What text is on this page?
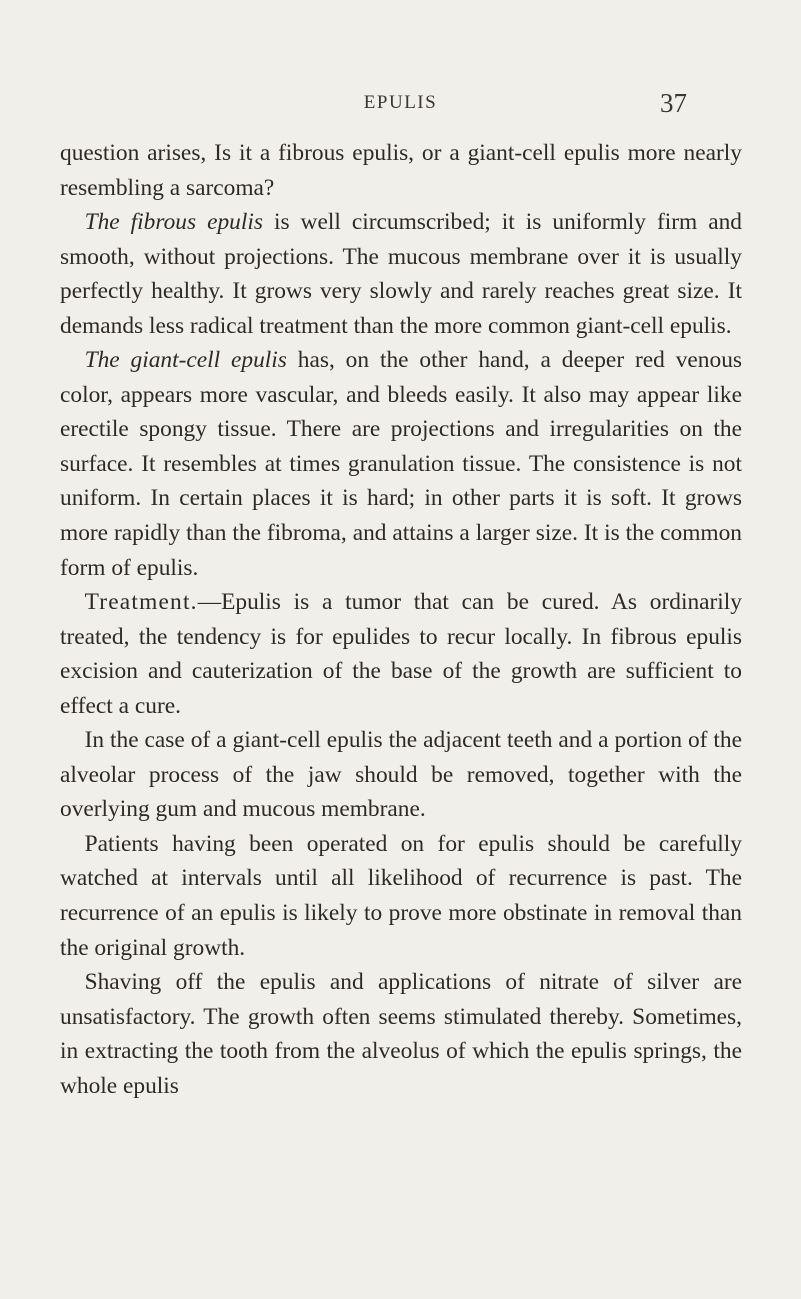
EPULIS	37

question arises, Is it a fibrous epulis, or a giant-cell epulis more nearly resembling a sarcoma?

The fibrous epulis is well circumscribed; it is uniformly firm and smooth, without projections. The mucous membrane over it is usually perfectly healthy. It grows very slowly and rarely reaches great size. It demands less radical treatment than the more common giant-cell epulis.

The giant-cell epulis has, on the other hand, a deeper red venous color, appears more vascular, and bleeds easily. It also may appear like erectile spongy tissue. There are projections and irregularities on the surface. It resembles at times granulation tissue. The consistence is not uniform. In certain places it is hard; in other parts it is soft. It grows more rapidly than the fibroma, and attains a larger size. It is the common form of epulis.

Treatment.—Epulis is a tumor that can be cured. As ordinarily treated, the tendency is for epulides to recur locally. In fibrous epulis excision and cauterization of the base of the growth are sufficient to effect a cure.

In the case of a giant-cell epulis the adjacent teeth and a portion of the alveolar process of the jaw should be removed, together with the overlying gum and mucous membrane.

Patients having been operated on for epulis should be carefully watched at intervals until all likelihood of recurrence is past. The recurrence of an epulis is likely to prove more obstinate in removal than the original growth.

Shaving off the epulis and applications of nitrate of silver are unsatisfactory. The growth often seems stimulated thereby. Sometimes, in extracting the tooth from the alveolus of which the epulis springs, the whole epulis
